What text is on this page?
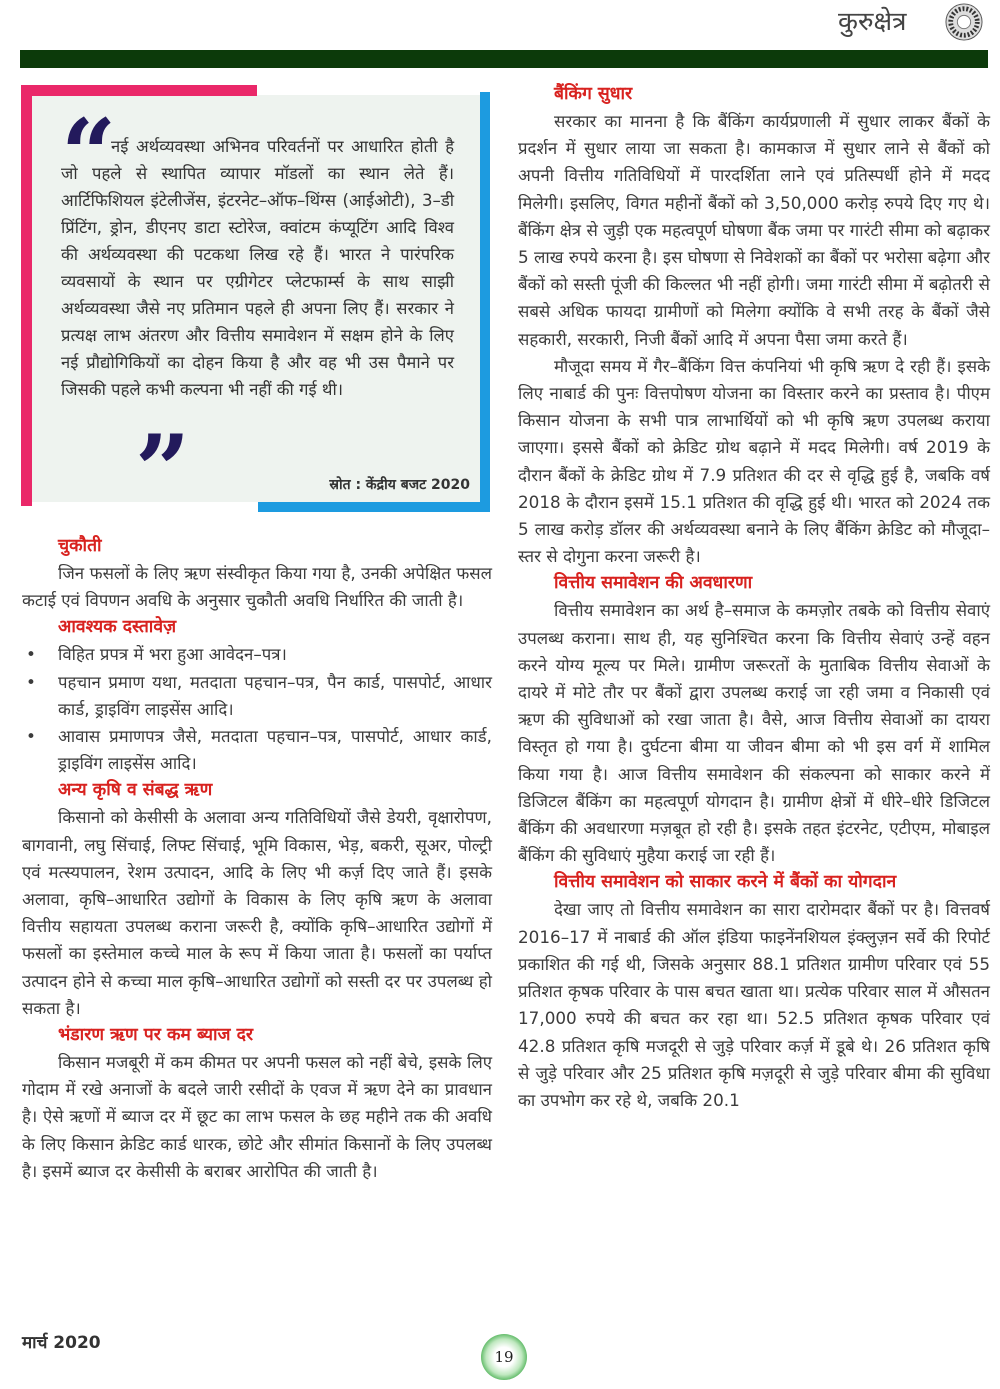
कुरुक्षेत्र
“
नई अर्थव्यवस्था अभिनव परिवर्तनों पर आधारित होती है जो पहले से स्थापित व्यापार मॉडलों का स्थान लेते हैं। आर्टिफिशियल इंटेलीजेंस, इंटरनेट–ऑफ–थिंग्स (आईओटी), 3–डी प्रिंटिंग, ड्रोन, डीएनए डाटा स्टोरेज, क्वांटम कंप्यूटिंग आदि विश्व की अर्थव्यवस्था की पटकथा लिख रहे हैं। भारत ने पारंपरिक व्यवसायों के स्थान पर एग्रीगेटर प्लेटफार्म्स के साथ साझी अर्थव्यवस्था जैसे नए प्रतिमान पहले ही अपना लिए हैं। सरकार ने प्रत्यक्ष लाभ अंतरण और वित्तीय समावेशन में सक्षम होने के लिए नई प्रौद्योगिकियों का दोहन किया है और वह भी उस पैमाने पर जिसकी पहले कभी कल्पना भी नहीं की गई थी।
”	स्रोत : केंद्रीय बजट 2020
चुकौती

जिन फसलों के लिए ऋण संस्वीकृत किया गया है, उनकी अपेक्षित फसल कटाई एवं विपणन अवधि के अनुसार चुकौती अवधि निर्धारित की जाती है।

आवश्यक दस्तावेज़
• विहित प्रपत्र में भरा हुआ आवेदन–पत्र।
• पहचान प्रमाण यथा, मतदाता पहचान–पत्र, पैन कार्ड, पासपोर्ट, आधार कार्ड, ड्राइविंग लाइसेंस आदि।
• आवास प्रमाणपत्र जैसे, मतदाता पहचान–पत्र, पासपोर्ट, आधार कार्ड, ड्राइविंग लाइसेंस आदि।
अन्य कृषि व संबद्ध ऋण

किसानो को केसीसी के अलावा अन्य गतिविधियों जैसे डेयरी, वृक्षारोपण, बागवानी, लघु सिंचाई, लिफ्ट सिंचाई, भूमि विकास, भेड़, बकरी, सूअर, पोल्ट्री एवं मत्स्यपालन, रेशम उत्पादन, आदि के लिए भी कर्ज़ दिए जाते हैं। इसके अलावा, कृषि–आधारित उद्योगों के विकास के लिए कृषि ऋण के अलावा वित्तीय सहायता उपलब्ध कराना जरूरी है, क्योंकि कृषि–आधारित उद्योगों में फसलों का इस्तेमाल कच्चे माल के रूप में किया जाता है। फसलों का पर्याप्त उत्पादन होने से कच्चा माल कृषि–आधारित उद्योगों को सस्ती दर पर उपलब्ध हो सकता है।

भंडारण ऋण पर कम ब्याज दर

किसान मजबूरी में कम कीमत पर अपनी फसल को नहीं बेचे, इसके लिए गोदाम में रखे अनाजों के बदले जारी रसीदों के एवज में ऋण देने का प्रावधान है। ऐसे ऋणों में ब्याज दर में छूट का लाभ फसल के छह महीने तक की अवधि के लिए किसान क्रेडिट कार्ड धारक, छोटे और सीमांत किसानों के लिए उपलब्ध है। इसमें ब्याज दर केसीसी के बराबर आरोपित की जाती है।

बैंकिंग सुधार

सरकार का मानना है कि बैंकिंग कार्यप्रणाली में सुधार लाकर बैंकों के प्रदर्शन में सुधार लाया जा सकता है। कामकाज में सुधार लाने से बैंकों को अपनी वित्तीय गतिविधियों में पारदर्शिता लाने एवं प्रतिस्पर्धी होने में मदद मिलेगी। इसलिए, विगत महीनों बैंकों को 3,50,000 करोड़ रुपये दिए गए थे। बैंकिंग क्षेत्र से जुड़ी एक महत्वपूर्ण घोषणा बैंक जमा पर गारंटी सीमा को बढ़ाकर 5 लाख रुपये करना है। इस घोषणा से निवेशकों का बैंकों पर भरोसा बढ़ेगा और बैंकों को सस्ती पूंजी की किल्लत भी नहीं होगी। जमा गारंटी सीमा में बढ़ोतरी से सबसे अधिक फायदा ग्रामीणों को मिलेगा क्योंकि वे सभी तरह के बैंकों जैसे सहकारी, सरकारी, निजी बैंकों आदि में अपना पैसा जमा करते हैं।

मौजूदा समय में गैर–बैंकिंग वित्त कंपनियां भी कृषि ऋण दे रही हैं। इसके लिए नाबार्ड की पुनः वित्तपोषण योजना का विस्तार करने का प्रस्ताव है। पीएम किसान योजना के सभी पात्र लाभार्थियों को भी कृषि ऋण उपलब्ध कराया जाएगा। इससे बैंकों को क्रेडिट ग्रोथ बढ़ाने में मदद मिलेगी। वर्ष 2019 के दौरान बैंकों के क्रेडिट ग्रोथ में 7.9 प्रतिशत की दर से वृद्धि हुई है, जबकि वर्ष 2018 के दौरान इसमें 15.1 प्रतिशत की वृद्धि हुई थी। भारत को 2024 तक 5 लाख करोड़ डॉलर की अर्थव्यवस्था बनाने के लिए बैंकिंग क्रेडिट को मौजूदा–स्तर से दोगुना करना जरूरी है।

वित्तीय समावेशन की अवधारणा

वित्तीय समावेशन का अर्थ है–समाज के कमज़ोर तबके को वित्तीय सेवाएं उपलब्ध कराना। साथ ही, यह सुनिश्चित करना कि वित्तीय सेवाएं उन्हें वहन करने योग्य मूल्य पर मिले। ग्रामीण जरूरतों के मुताबिक वित्तीय सेवाओं के दायरे में मोटे तौर पर बैंकों द्वारा उपलब्ध कराई जा रही जमा व निकासी एवं ऋण की सुविधाओं को रखा जाता है। वैसे, आज वित्तीय सेवाओं का दायरा विस्तृत हो गया है। दुर्घटना बीमा या जीवन बीमा को भी इस वर्ग में शामिल किया गया है। आज वित्तीय समावेशन की संकल्पना को साकार करने में डिजिटल बैंकिंग का महत्वपूर्ण योगदान है। ग्रामीण क्षेत्रों में धीरे–धीरे डिजिटल बैंकिंग की अवधारणा मज़बूत हो रही है। इसके तहत इंटरनेट, एटीएम, मोबाइल बैंकिंग की सुविधाएं मुहैया कराई जा रही हैं।

वित्तीय समावेशन को साकार करने में बैंकों का योगदान

देखा जाए तो वित्तीय समावेशन का सारा दारोमदार बैंकों पर है। वित्तवर्ष 2016–17 में नाबार्ड की ऑल इंडिया फाइनेंनशियल इंक्लुज़न सर्वे की रिपोर्ट प्रकाशित की गई थी, जिसके अनुसार 88.1 प्रतिशत ग्रामीण परिवार एवं 55 प्रतिशत कृषक परिवार के पास बचत खाता था। प्रत्येक परिवार साल में औसतन 17,000 रुपये की बचत कर रहा था। 52.5 प्रतिशत कृषक परिवार एवं 42.8 प्रतिशत कृषि मजदूरी से जुड़े परिवार कर्ज़ में डूबे थे। 26 प्रतिशत कृषि से जुड़े परिवार और 25 प्रतिशत कृषि मज़दूरी से जुड़े परिवार बीमा की सुविधा का उपभोग कर रहे थे, जबकि 20.1

मार्च 2020
19
